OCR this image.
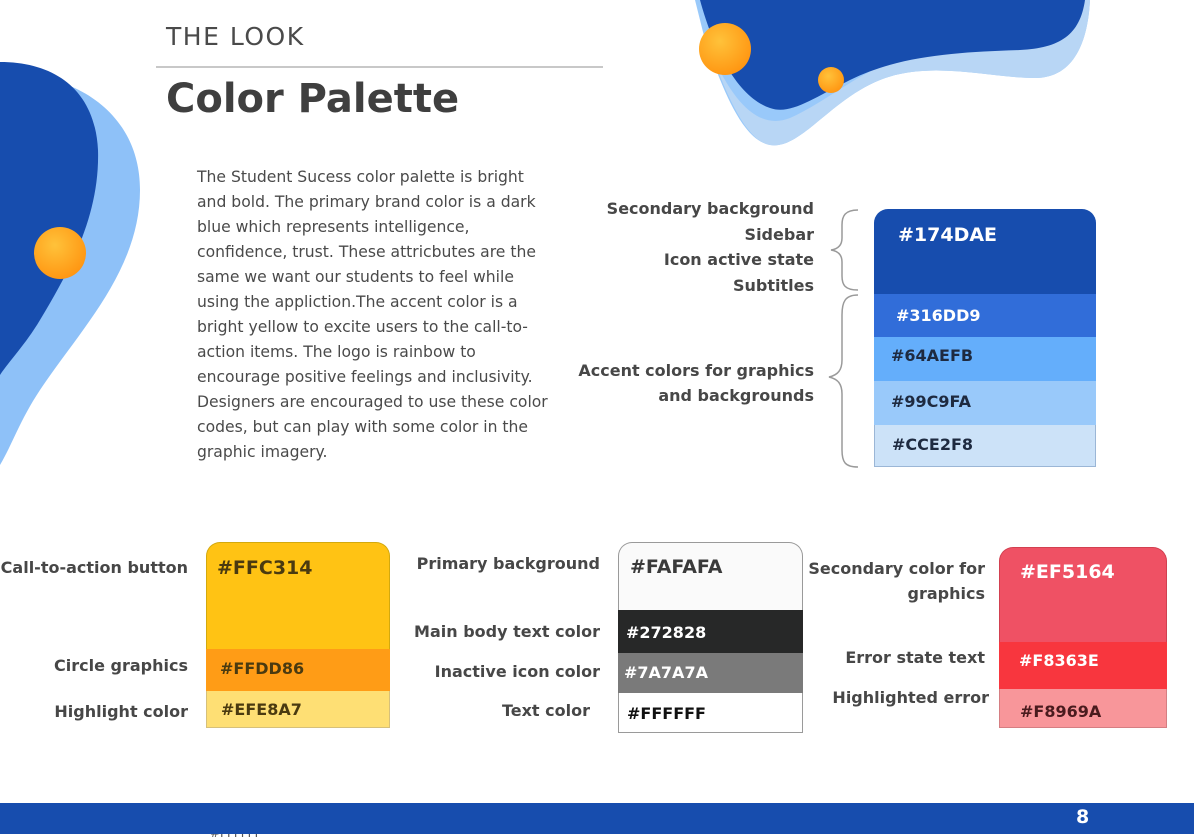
THE LOOK
Color Palette
The Student Sucess color palette is bright and bold. The primary brand color is a dark blue which represents intelligence, confidence, trust. These attricbutes are the same we want our students to feel while using the appliction.The accent color is a bright yellow to excite users to the call-to-action items. The logo is rainbow to encourage positive feelings and inclusivity. Designers are encouraged to use these color codes, but can play with some color in the graphic imagery.
Secondary background
Sidebar
Icon active state
Subtitles
Accent colors for graphics
and backgrounds
#174DAE
#316DD9
#64AEFB
#99C9FA
#CCE2F8
Call-to-action button
Circle graphics
Highlight color
#FFC314
#FFDD86
#EFE8A7
Primary background
Main body text color
Inactive icon color
Text color
#FAFAFA
#272828
#7A7A7A
#FFFFFF
Secondary color for
graphics
Error state text
Highlighted error
#EF5164
#F8363E
#F8969A
8
